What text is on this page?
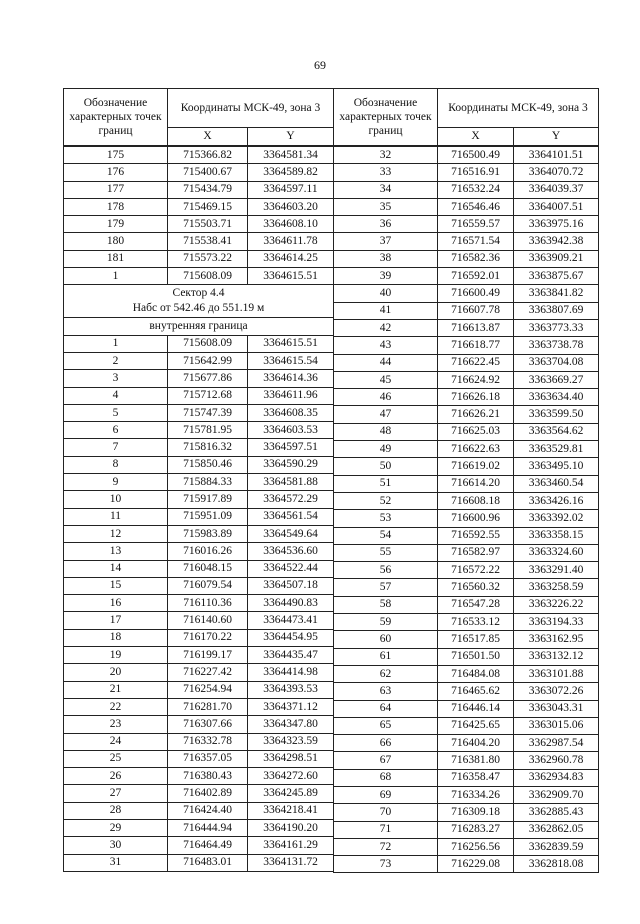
69
Обозначение характерных точек границ	Координаты МСК-49, зона 3	
	X	Y
175	715366.82	3364581.34
176	715400.67	3364589.82
177	715434.79	3364597.11
178	715469.15	3364603.20
179	715503.71	3364608.10
180	715538.41	3364611.78
181	715573.22	3364614.25
1	715608.09	3364615.51

Сектор 4.4
Набс от 542.46 до 551.19 м		

внутренняя граница		
1	715608.09	3364615.51
2	715642.99	3364615.54
3	715677.86	3364614.36
4	715712.68	3364611.96
5	715747.39	3364608.35
6	715781.95	3364603.53
7	715816.32	3364597.51
8	715850.46	3364590.29
9	715884.33	3364581.88
10	715917.89	3364572.29
11	715951.09	3364561.54
12	715983.89	3364549.64
13	716016.26	3364536.60
14	716048.15	3364522.44
15	716079.54	3364507.18
16	716110.36	3364490.83
17	716140.60	3364473.41
18	716170.22	3364454.95
19	716199.17	3364435.47
20	716227.42	3364414.98
21	716254.94	3364393.53
22	716281.70	3364371.12
23	716307.66	3364347.80
24	716332.78	3364323.59
25	716357.05	3364298.51
26	716380.43	3364272.60
27	716402.89	3364245.89
28	716424.40	3364218.41
29	716444.94	3364190.20
30	716464.49	3364161.29
31	716483.01	3364131.72
Обозначение характерных точек границ	Координаты МСК-49, зона 3	
	X	Y
32	716500.49	3364101.51
33	716516.91	3364070.72
34	716532.24	3364039.37
35	716546.46	3364007.51
36	716559.57	3363975.16
37	716571.54	3363942.38
38	716582.36	3363909.21
39	716592.01	3363875.67
40	716600.49	3363841.82
41	716607.78	3363807.69
42	716613.87	3363773.33
43	716618.77	3363738.78
44	716622.45	3363704.08
45	716624.92	3363669.27
46	716626.18	3363634.40
47	716626.21	3363599.50
48	716625.03	3363564.62
49	716622.63	3363529.81
50	716619.02	3363495.10
51	716614.20	3363460.54
52	716608.18	3363426.16
53	716600.96	3363392.02
54	716592.55	3363358.15
55	716582.97	3363324.60
56	716572.22	3363291.40
57	716560.32	3363258.59
58	716547.28	3363226.22
59	716533.12	3363194.33
60	716517.85	3363162.95
61	716501.50	3363132.12
62	716484.08	3363101.88
63	716465.62	3363072.26
64	716446.14	3363043.31
65	716425.65	3363015.06
66	716404.20	3362987.54
67	716381.80	3362960.78
68	716358.47	3362934.83
69	716334.26	3362909.70
70	716309.18	3362885.43
71	716283.27	3362862.05
72	716256.56	3362839.59
73	716229.08	3362818.08
